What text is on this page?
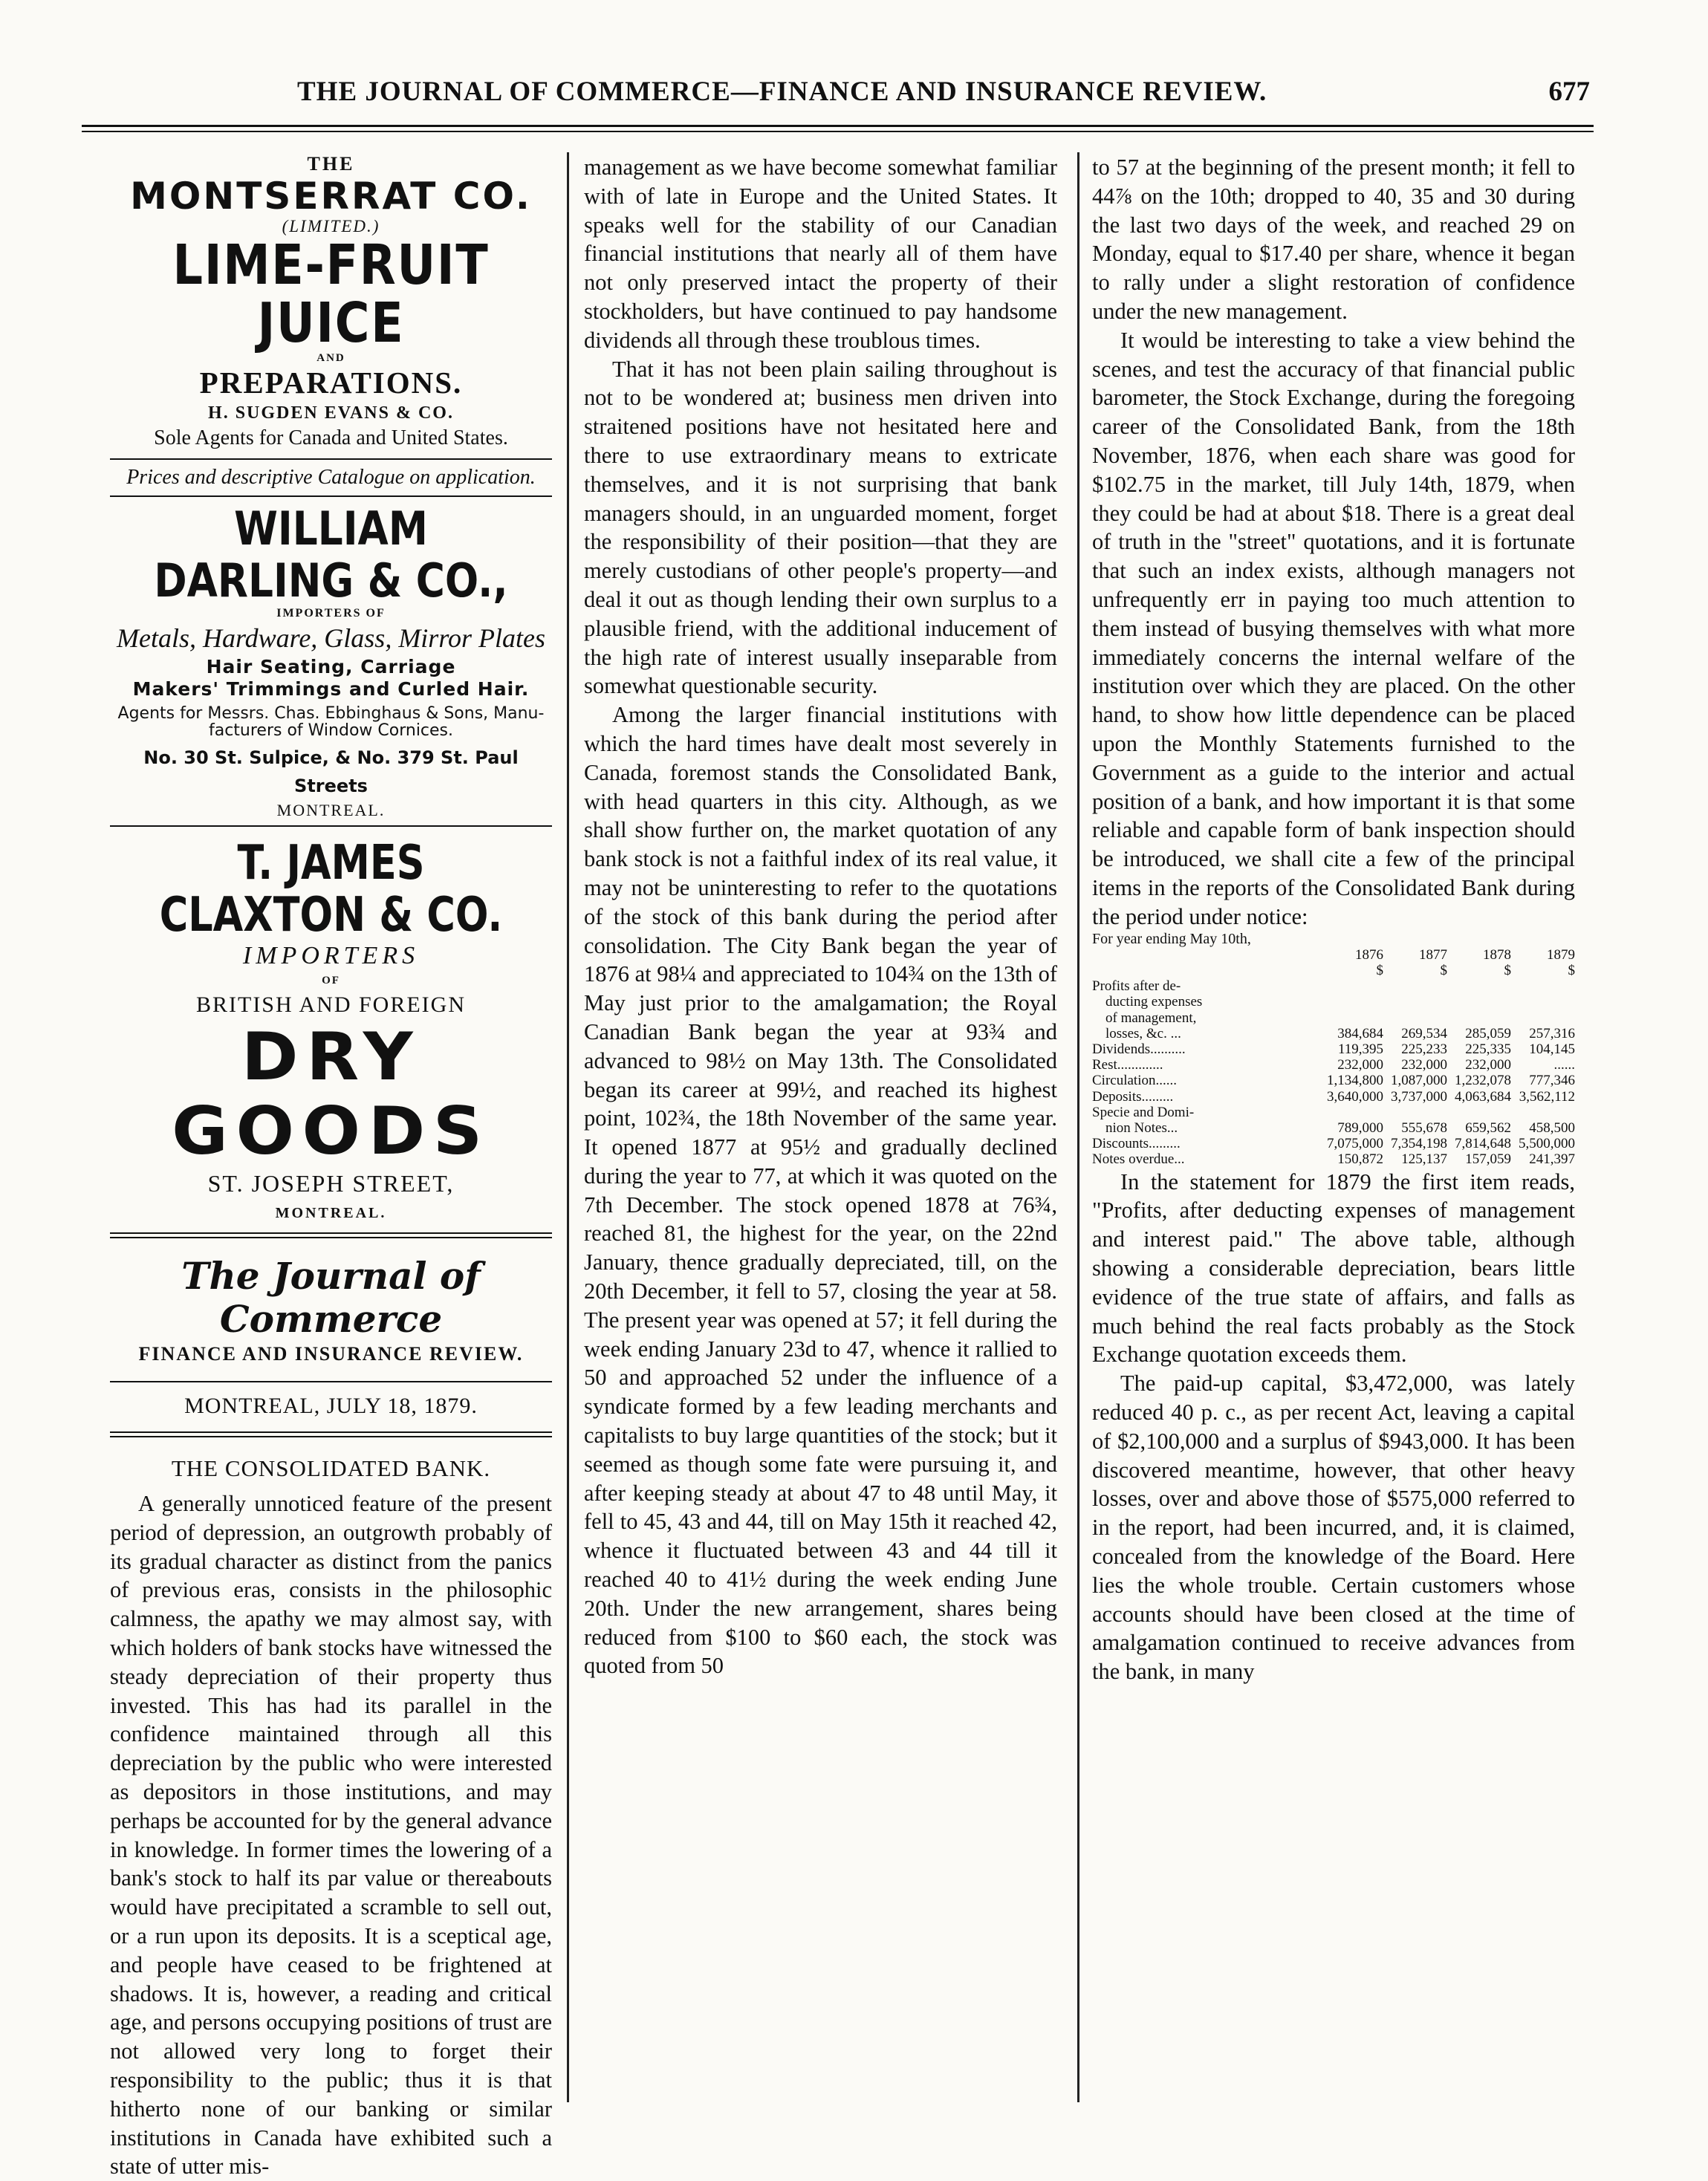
THE JOURNAL OF COMMERCE—FINANCE AND INSURANCE REVIEW.	677
THE
MONTSERRAT CO.
(LIMITED.)
LIME-FRUIT JUICE
AND
PREPARATIONS.
H. SUGDEN EVANS & CO.
Sole Agents for Canada and United States.
Prices and descriptive Catalogue on application.
WILLIAM DARLING & CO.,
IMPORTERS OF
Metals, Hardware, Glass, Mirror Plates
Hair Seating, Carriage
Makers' Trimmings and Curled Hair.
Agents for Messrs. Chas. Ebbinghaus & Sons, Manu-
facturers of Window Cornices.
No. 30 St. Sulpice, & No. 379 St. Paul Streets
MONTREAL.
T. JAMES CLAXTON & CO.
IMPORTERS
OF
BRITISH AND FOREIGN
DRY GOODS
ST. JOSEPH STREET,
MONTREAL.
The Journal of Commerce
FINANCE AND INSURANCE REVIEW.
MONTREAL, JULY 18, 1879.
THE CONSOLIDATED BANK.

A generally unnoticed feature of the present period of depression, an outgrowth probably of its gradual character as distinct from the panics of previous eras, consists in the philosophic calmness, the apathy we may almost say, with which holders of bank stocks have witnessed the steady depreciation of their property thus invested. This has had its parallel in the confidence maintained through all this depreciation by the public who were interested as depositors in those institutions, and may perhaps be accounted for by the general advance in knowledge. In former times the lowering of a bank's stock to half its par value or thereabouts would have precipitated a scramble to sell out, or a run upon its deposits. It is a sceptical age, and people have ceased to be frightened at shadows. It is, however, a reading and critical age, and persons occupying positions of trust are not allowed very long to forget their responsibility to the public; thus it is that hitherto none of our banking or similar institutions in Canada have exhibited such a state of utter mis-

management as we have become somewhat familiar with of late in Europe and the United States. It speaks well for the stability of our Canadian financial institutions that nearly all of them have not only preserved intact the property of their stockholders, but have continued to pay handsome dividends all through these troublous times.

That it has not been plain sailing throughout is not to be wondered at; business men driven into straitened positions have not hesitated here and there to use extraordinary means to extricate themselves, and it is not surprising that bank managers should, in an unguarded moment, forget the responsibility of their position—that they are merely custodians of other people's property—and deal it out as though lending their own surplus to a plausible friend, with the additional inducement of the high rate of interest usually inseparable from somewhat questionable security.

Among the larger financial institutions with which the hard times have dealt most severely in Canada, foremost stands the Consolidated Bank, with head quarters in this city. Although, as we shall show further on, the market quotation of any bank stock is not a faithful index of its real value, it may not be uninteresting to refer to the quotations of the stock of this bank during the period after consolidation. The City Bank began the year of 1876 at 98¼ and appreciated to 104¾ on the 13th of May just prior to the amalgamation; the Royal Canadian Bank began the year at 93¾ and advanced to 98½ on May 13th. The Consolidated began its career at 99½, and reached its highest point, 102¾, the 18th November of the same year. It opened 1877 at 95½ and gradually declined during the year to 77, at which it was quoted on the 7th December. The stock opened 1878 at 76¾, reached 81, the highest for the year, on the 22nd January, thence gradually depreciated, till, on the 20th December, it fell to 57, closing the year at 58. The present year was opened at 57; it fell during the week ending January 23d to 47, whence it rallied to 50 and approached 52 under the influence of a syndicate formed by a few leading merchants and capitalists to buy large quantities of the stock; but it seemed as though some fate were pursuing it, and after keeping steady at about 47 to 48 until May, it fell to 45, 43 and 44, till on May 15th it reached 42, whence it fluctuated between 43 and 44 till it reached 40 to 41½ during the week ending June 20th. Under the new arrangement, shares being reduced from $100 to $60 each, the stock was quoted from 50

to 57 at the beginning of the present month; it fell to 44⅞ on the 10th; dropped to 40, 35 and 30 during the last two days of the week, and reached 29 on Monday, equal to $17.40 per share, whence it began to rally under a slight restoration of confidence under the new management.

It would be interesting to take a view behind the scenes, and test the accuracy of that financial public barometer, the Stock Exchange, during the foregoing career of the Consolidated Bank, from the 18th November, 1876, when each share was good for $102.75 in the market, till July 14th, 1879, when they could be had at about $18. There is a great deal of truth in the "street" quotations, and it is fortunate that such an index exists, although managers not unfrequently err in paying too much attention to them instead of busying themselves with what more immediately concerns the internal welfare of the institution over which they are placed. On the other hand, to show how little dependence can be placed upon the Monthly Statements furnished to the Government as a guide to the interior and actual position of a bank, and how important it is that some reliable and capable form of bank inspection should be introduced, we shall cite a few of the principal items in the reports of the Consolidated Bank during the period under notice:

For year ending May 10th,
	1876	1877	1878	1879
	$	$	$	$
Profits after de-				
ducting expenses				
of management,				
losses, &c. ...	384,684	269,534	285,059	257,316
Dividends..........	119,395	225,233	225,335	104,145
Rest.............	232,000	232,000	232,000	......
Circulation......	1,134,800	1,087,000	1,232,078	777,346
Deposits.........	3,640,000	3,737,000	4,063,684	3,562,112
Specie and Domi-				
nion Notes...	789,000	555,678	659,562	458,500
Discounts.........	7,075,000	7,354,198	7,814,648	5,500,000
Notes overdue...	150,872	125,137	157,059	241,397

In the statement for 1879 the first item reads, "Profits, after deducting expenses of management and interest paid." The above table, although showing a considerable depreciation, bears little evidence of the true state of affairs, and falls as much behind the real facts probably as the Stock Exchange quotation exceeds them.

The paid-up capital, $3,472,000, was lately reduced 40 p. c., as per recent Act, leaving a capital of $2,100,000 and a surplus of $943,000. It has been discovered meantime, however, that other heavy losses, over and above those of $575,000 referred to in the report, had been incurred, and, it is claimed, concealed from the knowledge of the Board. Here lies the whole trouble. Certain customers whose accounts should have been closed at the time of amalgamation continued to receive advances from the bank, in many
